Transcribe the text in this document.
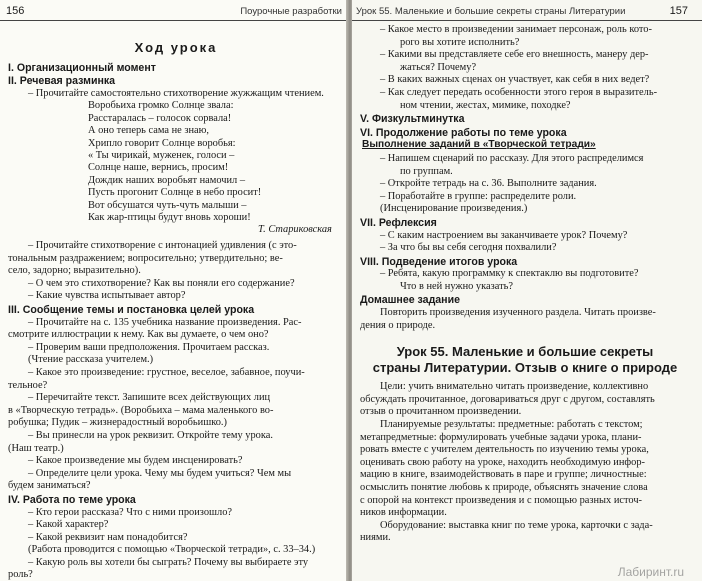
156	Поурочные разработки
Ход урока
I. Организационный момент
II. Речевая разминка
– Прочитайте самостоятельно стихотворение жужжащим чтением.
Воробьиха громко Солнце звала:
Расстаралась – голосок сорвала!
А оно теперь сама не знаю,
Хрипло говорит Солнце воробья:
« Ты чирикай, муженек, голоси –
Солнце наше, вернись, просим!
Дождик наших воробьят намочил –
Пусть прогонит Солнце в небо просит!
Вот обсушатся чуть-чуть малыши –
Как жар-птицы будут вновь хороши!
Т. Стариковская
– Прочитайте стихотворение с интонацией удивления (с это-
тональным раздражением; вопросительно; утвердительно; ве-
село, задорно; выразительно).
– О чем это стихотворение? Как вы поняли его содержание?
– Какие чувства испытывает автор?
III. Сообщение темы и постановка целей урока
– Прочитайте на с. 135 учебника название произведения. Рас-
смотрите иллюстрации к нему. Как вы думаете, о чем оно?
– Проверим ваши предположения. Прочитаем рассказ.
(Чтение рассказа учителем.)
– Какое это произведение: грустное, веселое, забавное, поучи-
тельное?
– Перечитайте текст. Запишите всех действующих лиц
в «Творческую тетрадь». (Воробьиха – мама маленького во-
робушка; Пудик – жизнерадостный воробьишко.)
– Вы принесли на урок реквизит. Откройте тему урока.
(Наш театр.)
– Какое произведение мы будем инсценировать?
– Определите цели урока. Чему мы будем учиться? Чем мы
будем заниматься?
IV. Работа по теме урока
– Кто герои рассказа? Что с ними произошло?
– Какой характер?
– Какой реквизит нам понадобится?
(Работа проводится с помощью «Творческой тетради», с. 33–34.)
– Какую роль вы хотели бы сыграть? Почему вы выбираете эту
роль?
Урок 55. Маленькие и большие секреты страны Литературии	157
– Какое место в произведении занимает персонаж, роль кото-
рого вы хотите исполнить?
– Какими вы представляете себе его внешность, манеру дер-
жаться? Почему?
– В каких важных сценах он участвует, как себя в них ведет?
– Как следует передать особенности этого героя в выразитель-
ном чтении, жестах, мимике, походке?
V. Физкультминутка
VI. Продолжение работы по теме урока
Выполнение заданий в «Творческой тетради»
– Напишем сценарий по рассказу. Для этого распределимся
по группам.
– Откройте тетрадь на с. 36. Выполните задания.
– Поработайте в группе: распределите роли.
(Инсценирование произведения.)
VII. Рефлексия
– С каким настроением вы заканчиваете урок? Почему?
– За что бы вы себя сегодня похвалили?
VIII. Подведение итогов урока
– Ребята, какую программку к спектаклю вы подготовите?
Что в ней нужно указать?
Домашнее задание
Повторить произведения изученного раздела. Читать произве-
дения о природе.
Урок 55. Маленькие и большие секреты
страны Литературии. Отзыв о книге о природе
Цели: учить внимательно читать произведение, коллективно
обсуждать прочитанное, договариваться друг с другом, составлять
отзыв о прочитанном произведении.
Планируемые результаты: предметные: работать с текстом;
метапредметные: формулировать учебные задачи урока, плани-
ровать вместе с учителем деятельность по изучению темы урока,
оценивать свою работу на уроке, находить необходимую инфор-
мацию в книге, взаимодействовать в паре и группе; личностные:
осмыслить понятие любовь к природе, объяснять значение слова
с опорой на контекст произведения и с помощью разных источ-
ников информации.
Оборудование: выставка книг по теме урока, карточки с зада-
ниями.
Лабиринт.ru
